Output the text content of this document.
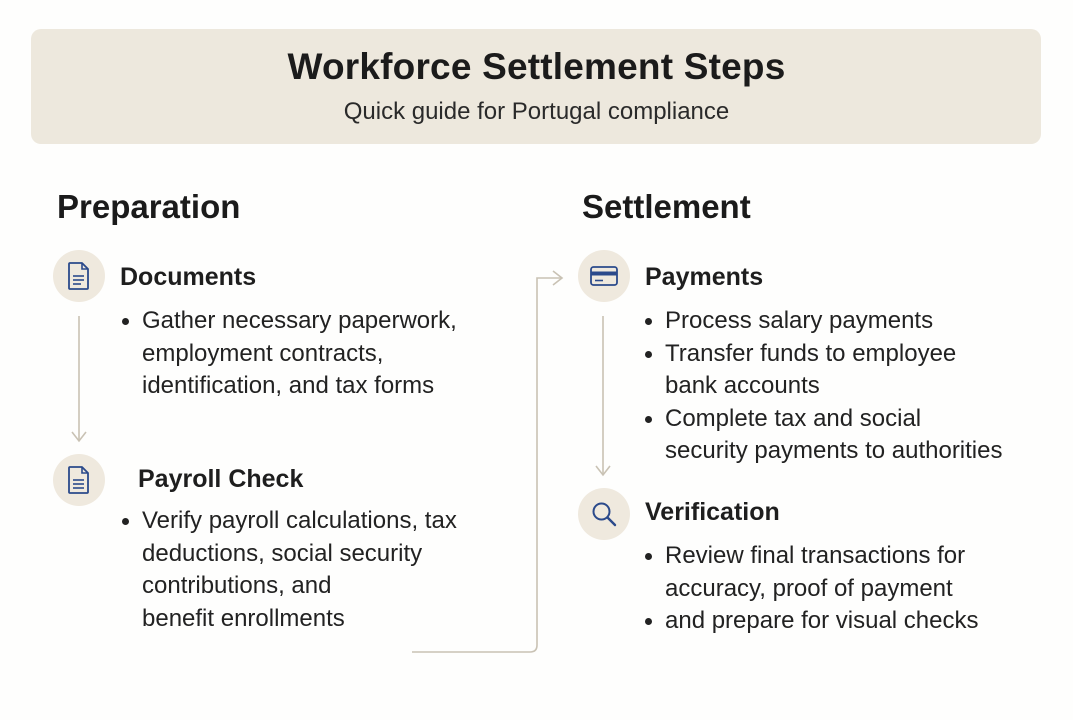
Workforce Settlement Steps
Quick guide for Portugal compliance
Preparation
Documents
Gather necessary paperwork,
employment contracts,
identification, and tax forms
Payroll Check
Verify payroll calculations, tax
deductions, social security
contributions, and
benefit enrollments
Settlement
Payments
Process salary payments
Transfer funds to employee
bank accounts
Complete tax and social
security payments to authorities
Verification
Review final transactions for
accuracy, proof of payment
and prepare for visual checks
